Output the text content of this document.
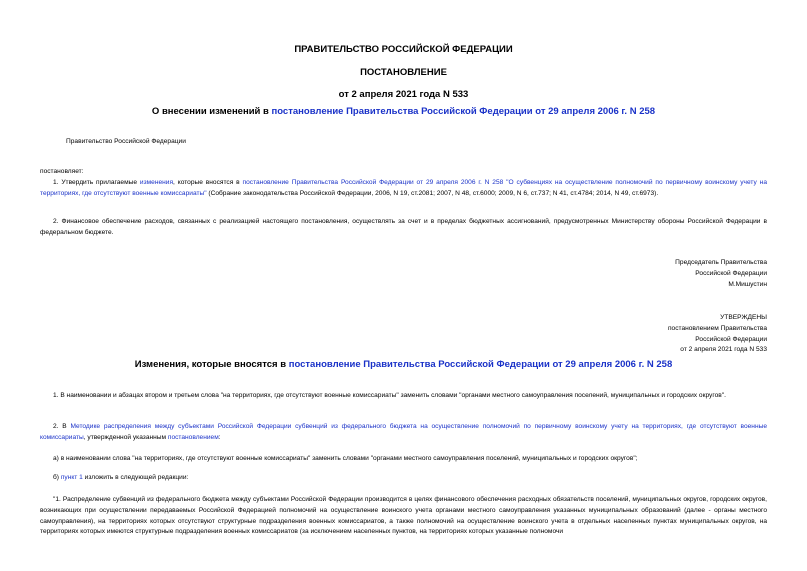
ПРАВИТЕЛЬСТВО РОССИЙСКОЙ ФЕДЕРАЦИИ
ПОСТАНОВЛЕНИЕ
от 2 апреля 2021 года N 533
О внесении изменений в постановление Правительства Российской Федерации от 29 апреля 2006 г. N 258
Правительство Российской Федерации
постановляет:
1. Утвердить прилагаемые изменения, которые вносятся в постановление Правительства Российской Федерации от 29 апреля 2006 г. N 258 "О субвенциях на осуществление полномочий по первичному воинскому учету на территориях, где отсутствуют военные комиссариаты" (Собрание законодательства Российской Федерации, 2006, N 19, ст.2081; 2007, N 48, ст.6000; 2009, N 6, ст.737; N 41, ст.4784; 2014, N 49, ст.6973).
2. Финансовое обеспечение расходов, связанных с реализацией настоящего постановления, осуществлять за счет и в пределах бюджетных ассигнований, предусмотренных Министерству обороны Российской Федерации в федеральном бюджете.
Председатель Правительства
Российской Федерации
М.Мишустин
УТВЕРЖДЕНЫ
постановлением Правительства
Российской Федерации
от 2 апреля 2021 года N 533
Изменения, которые вносятся в постановление Правительства Российской Федерации от 29 апреля 2006 г. N 258
1. В наименовании и абзацах втором и третьем слова "на территориях, где отсутствуют военные комиссариаты" заменить словами "органами местного самоуправления поселений, муниципальных и городских округов".
2. В Методике распределения между субъектами Российской Федерации субвенций из федерального бюджета на осуществление полномочий по первичному воинскому учету на территориях, где отсутствуют военные комиссариаты, утвержденной указанным постановлением:
а) в наименовании слова "на территориях, где отсутствуют военные комиссариаты" заменить словами "органами местного самоуправления поселений, муниципальных и городских округов";
б) пункт 1 изложить в следующей редакции:
"1. Распределение субвенций из федерального бюджета между субъектами Российской Федерации производится в целях финансового обеспечения расходных обязательств поселений, муниципальных округов, городских округов, возникающих при осуществлении передаваемых Российской Федерацией полномочий на осуществление воинского учета органами местного самоуправления указанных муниципальных образований (далее - органы местного самоуправления), на территориях которых отсутствуют структурные подразделения военных комиссариатов, а также полномочий на осуществление воинского учета в отдельных населенных пунктах муниципальных округов, на территориях которых имеются структурные подразделения военных комиссариатов (за исключением населенных пунктов, на территориях которых указанные полномочи
